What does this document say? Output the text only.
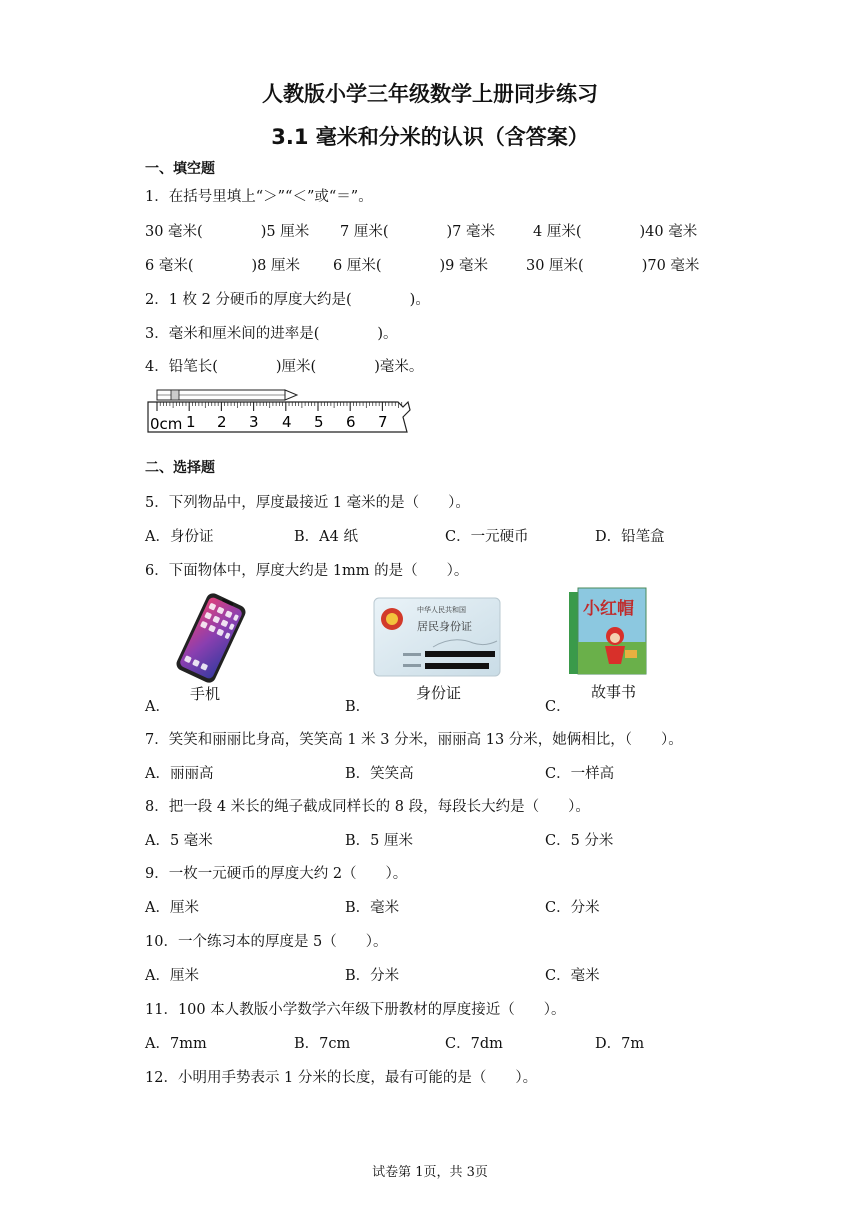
人教版小学三年级数学上册同步练习
3.1 毫米和分米的认识（含答案）
一、填空题
1．在括号里填上“＞”“＜”或“＝”。
30 毫米(　　　　)5 厘米 7 厘米(　　　　)7 毫米	4 厘米(　　　　)40 毫米
6 毫米(　　　　)8 厘米 6 厘米(　　　　)9 毫米	30 厘米(　　　　)70 毫米
2．1 枚 2 分硬币的厚度大约是(　　　　)。
3．毫米和厘米间的进率是(　　　　)。
4．铅笔长(　　　　)厘米(　　　　)毫米。
0cm 1 2 3 4 5 6 7
二、选择题
5．下列物品中，厚度最接近 1 毫米的是（　　）。
A．身份证	B．A4 纸	C．一元硬币	D．铅笔盒
6．下面物体中，厚度大约是 1mm 的是（　　）。
手机
A．
中华人民共和国
居民身份证
身份证
B．
小红帽
故事书
C．
7．笑笑和丽丽比身高，笑笑高 1 米 3 分米，丽丽高 13 分米，她俩相比，（　　）。
A．丽丽高	B．笑笑高	C．一样高
8．把一段 4 米长的绳子截成同样长的 8 段，每段长大约是（　　）。
A．5 毫米	B．5 厘米	C．5 分米
9．一枚一元硬币的厚度大约 2（　　）。
A．厘米	B．毫米	C．分米
10．一个练习本的厚度是 5（　　）。
A．厘米	B．分米	C．毫米
11．100 本人教版小学数学六年级下册教材的厚度接近（　　）。
A．7mm	B．7cm	C．7dm	D．7m
12．小明用手势表示 1 分米的长度，最有可能的是（　　）。
试卷第 1页，共 3页
